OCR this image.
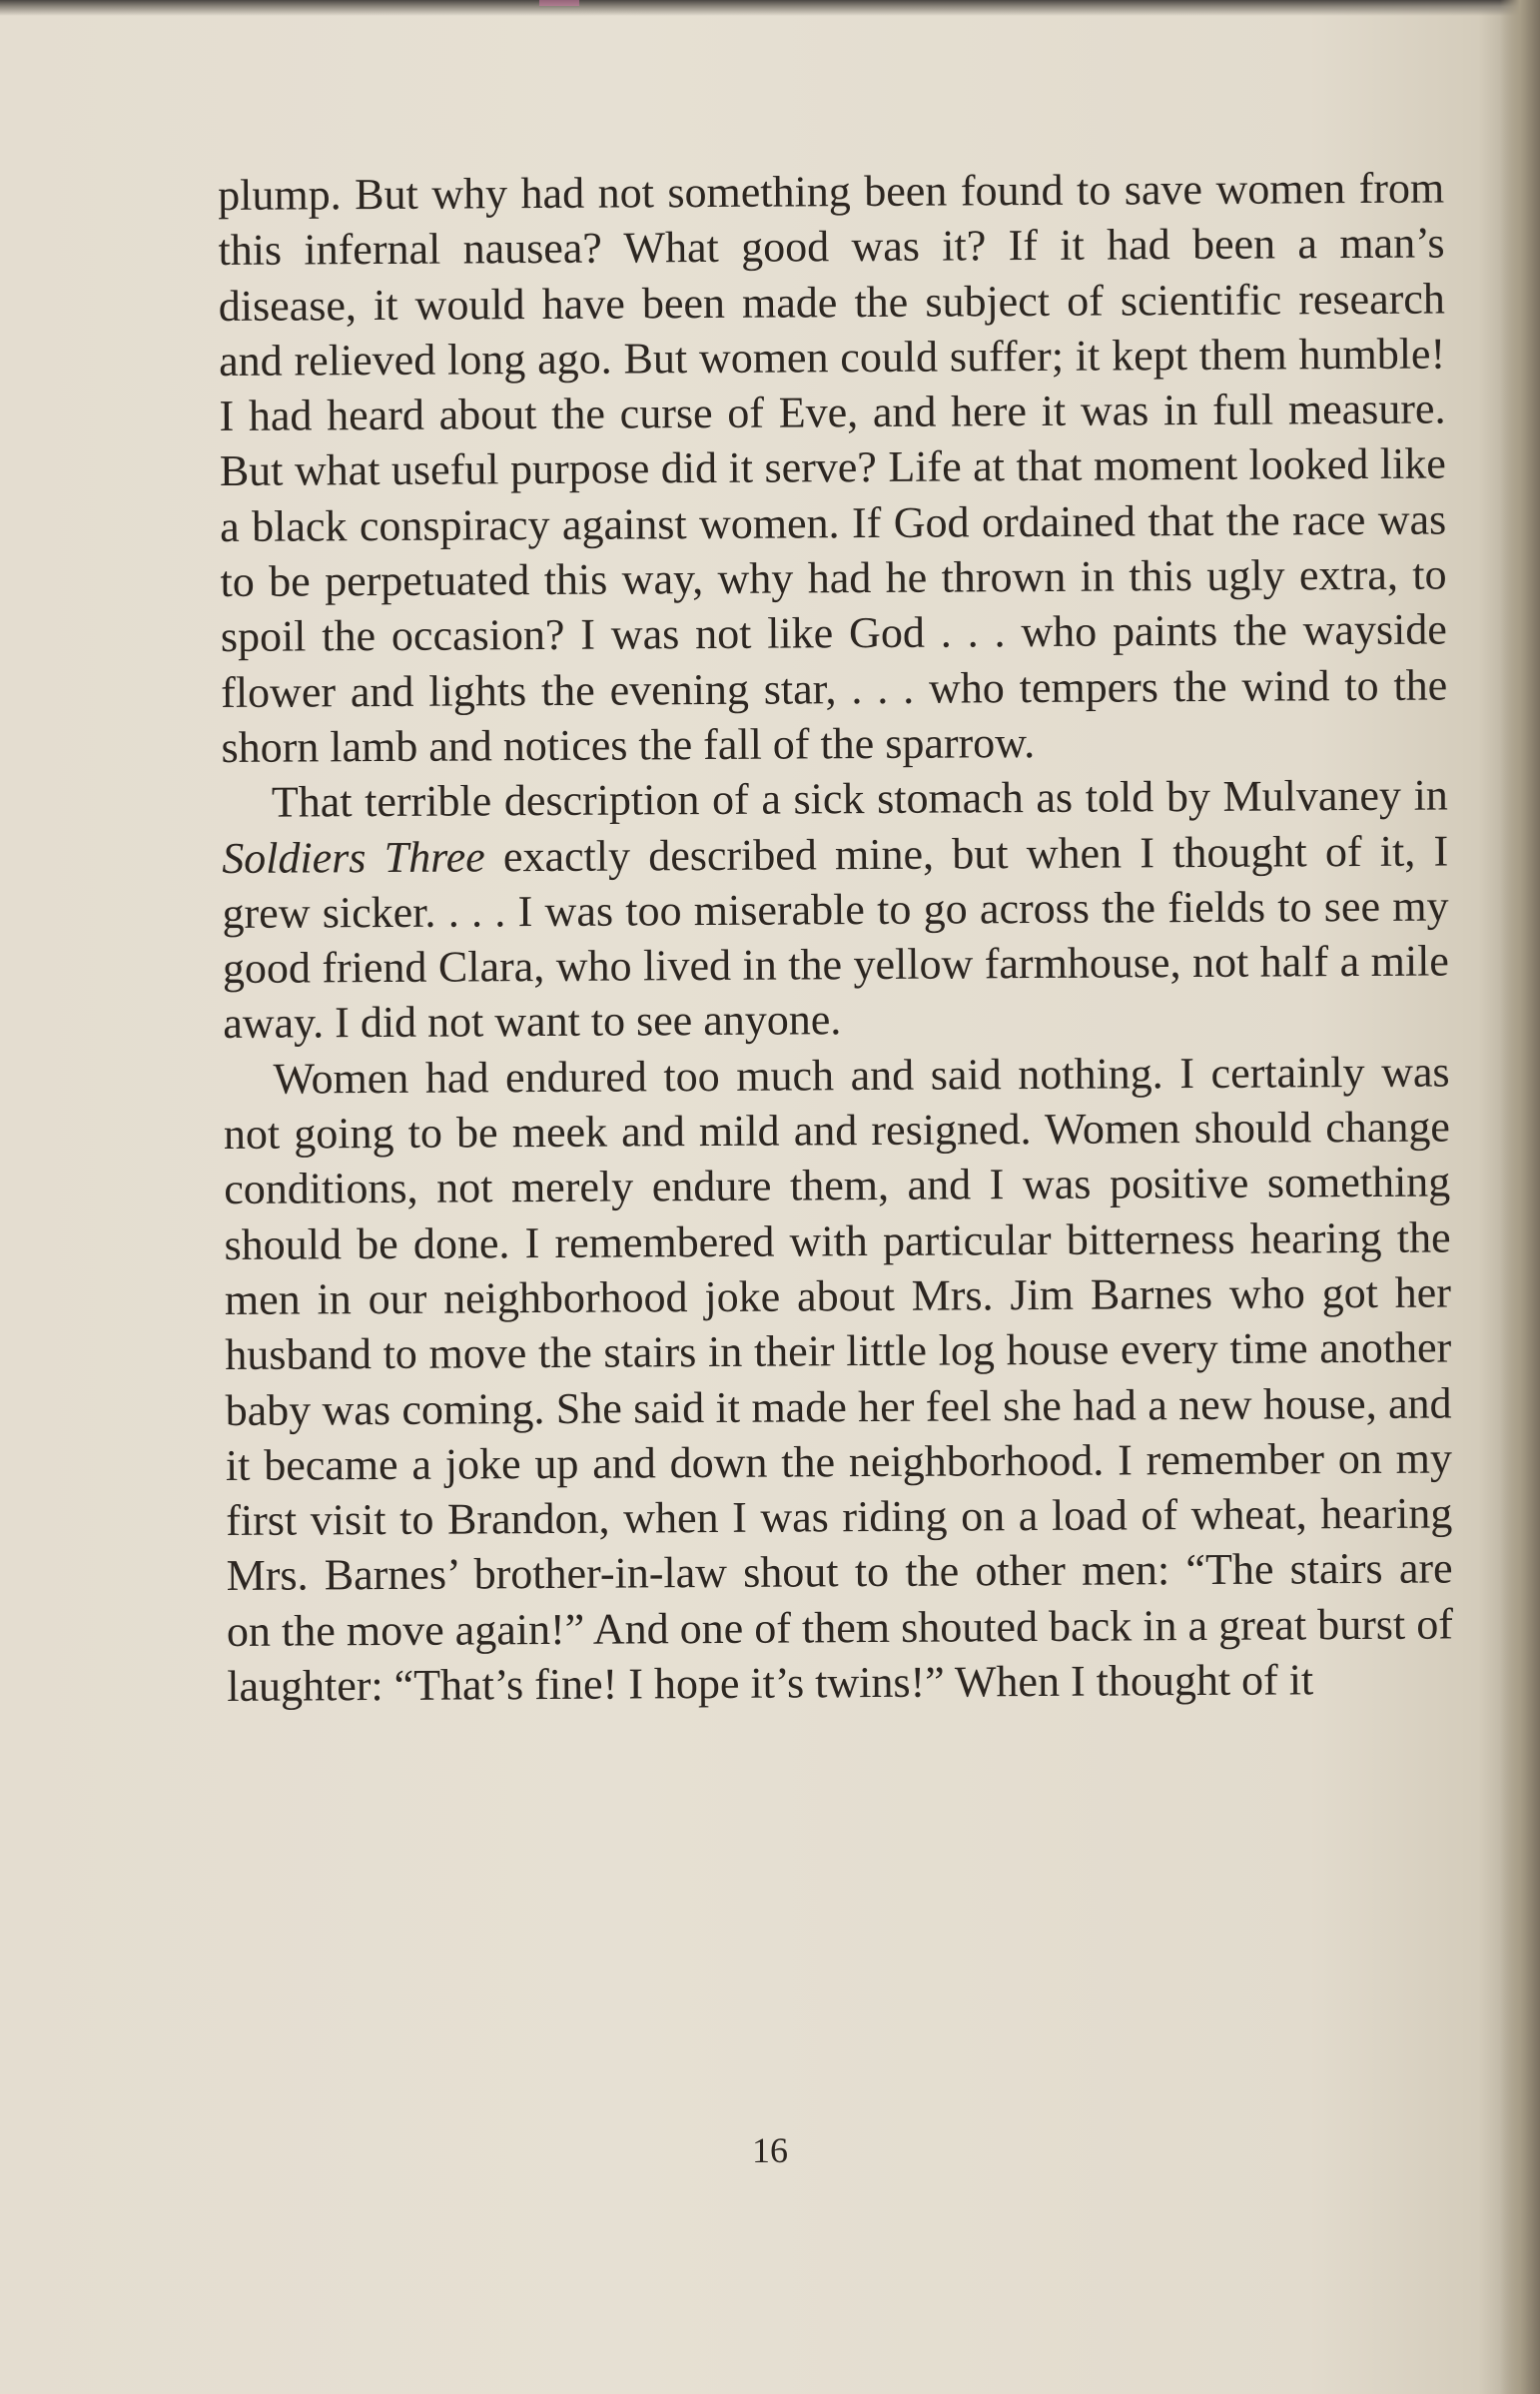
plump. But why had not something been found to save women from this infernal nausea? What good was it? If it had been a man’s disease, it would have been made the subject of scientific research and relieved long ago. But women could suffer; it kept them humble! I had heard about the curse of Eve, and here it was in full measure. But what useful purpose did it serve? Life at that moment looked like a black conspiracy against women. If God ordained that the race was to be perpetuated this way, why had he thrown in this ugly extra, to spoil the occasion? I was not like God . . . who paints the wayside flower and lights the evening star, . . . who tempers the wind to the shorn lamb and notices the fall of the sparrow.

That terrible description of a sick stomach as told by Mulvaney in Soldiers Three exactly described mine, but when I thought of it, I grew sicker. . . . I was too miserable to go across the fields to see my good friend Clara, who lived in the yellow farmhouse, not half a mile away. I did not want to see anyone.

Women had endured too much and said nothing. I certainly was not going to be meek and mild and resigned. Women should change conditions, not merely endure them, and I was positive something should be done. I remembered with particular bitterness hearing the men in our neighborhood joke about Mrs. Jim Barnes who got her husband to move the stairs in their little log house every time another baby was coming. She said it made her feel she had a new house, and it became a joke up and down the neighborhood. I remember on my first visit to Brandon, when I was riding on a load of wheat, hearing Mrs. Barnes’ brother-in-law shout to the other men: “The stairs are on the move again!” And one of them shouted back in a great burst of laughter: “That’s fine! I hope it’s twins!” When I thought of it

16
